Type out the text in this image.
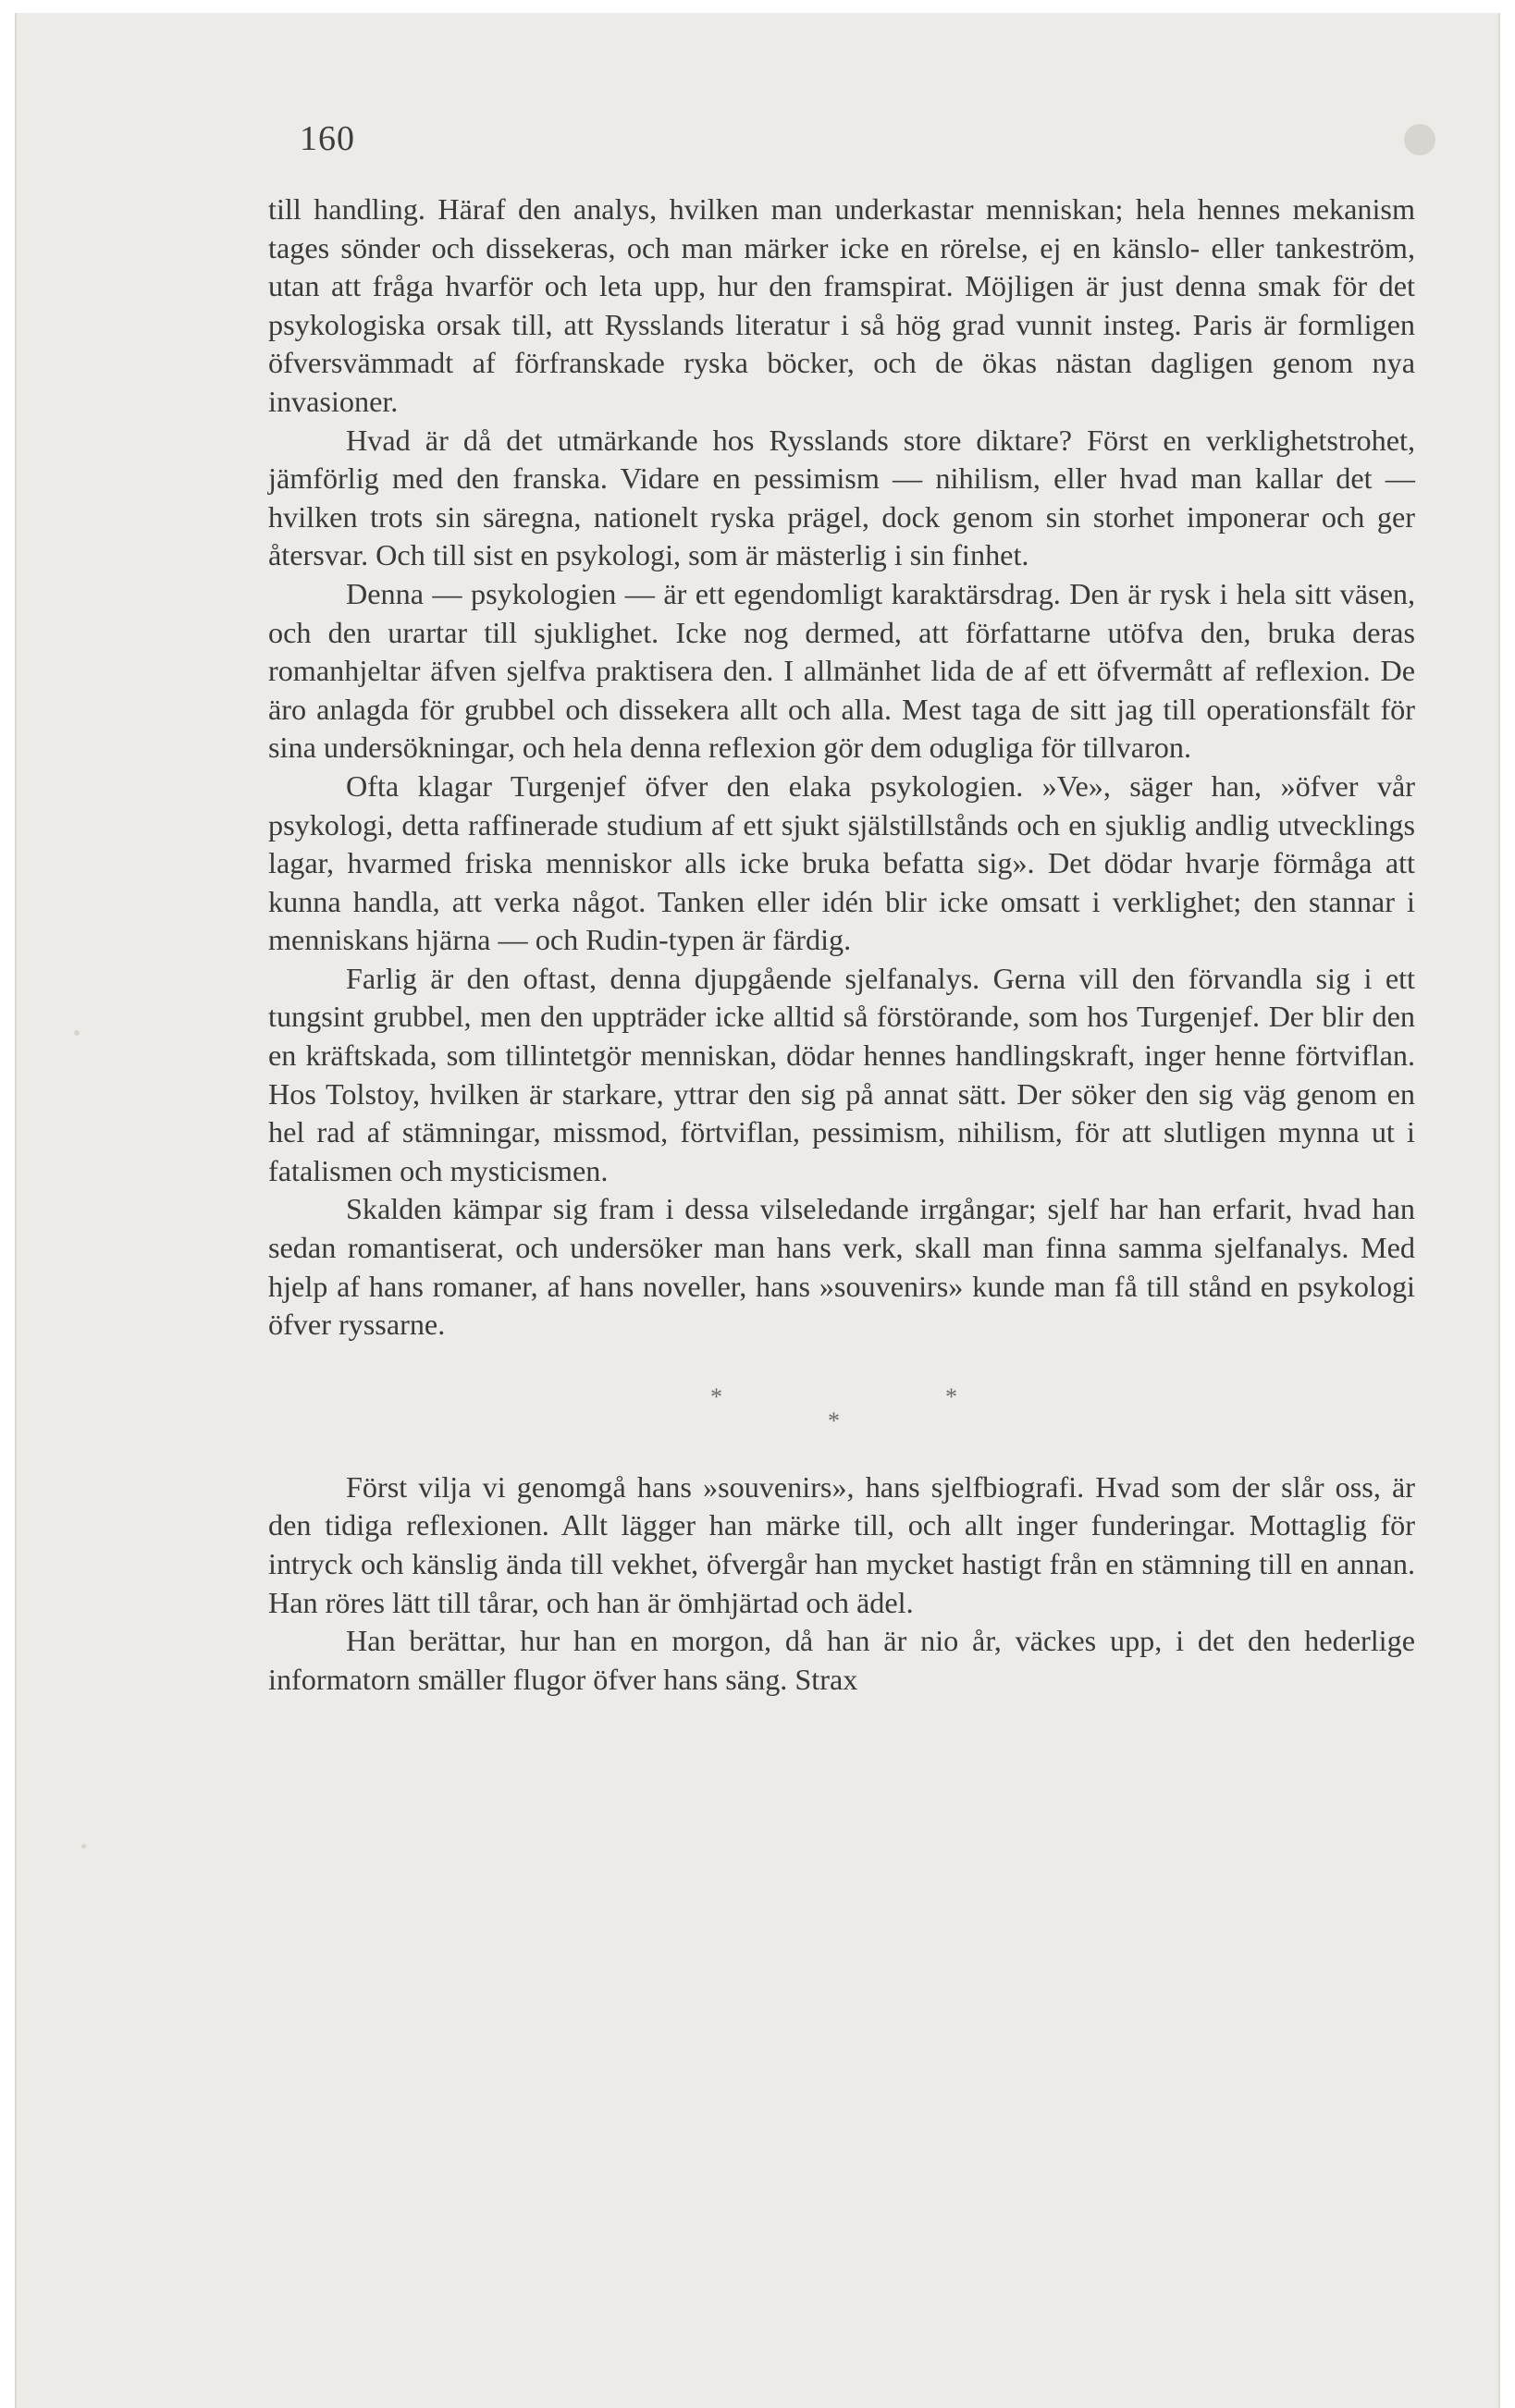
160

till handling. Häraf den analys, hvilken man underkastar menniskan; hela hennes mekanism tages sönder och dissekeras, och man märker icke en rörelse, ej en känslo- eller tankeström, utan att fråga hvarför och leta upp, hur den framspirat. Möjligen är just denna smak för det psykologiska orsak till, att Rysslands literatur i så hög grad vunnit insteg. Paris är formligen öfversvämmadt af förfranskade ryska böcker, och de ökas nästan dagligen genom nya invasioner.

Hvad är då det utmärkande hos Rysslands store diktare? Först en verklighetstrohet, jämförlig med den franska. Vidare en pessimism — nihilism, eller hvad man kallar det — hvilken trots sin säregna, nationelt ryska prägel, dock genom sin storhet imponerar och ger återsvar. Och till sist en psykologi, som är mästerlig i sin finhet.

Denna — psykologien — är ett egendomligt karaktärsdrag. Den är rysk i hela sitt väsen, och den urartar till sjuklighet. Icke nog dermed, att författarne utöfva den, bruka deras romanhjeltar äfven sjelfva praktisera den. I allmänhet lida de af ett öfvermått af reflexion. De äro anlagda för grubbel och dissekera allt och alla. Mest taga de sitt jag till operationsfält för sina undersökningar, och hela denna reflexion gör dem odugliga för tillvaron.

Ofta klagar Turgenjef öfver den elaka psykologien. »Ve», säger han, »öfver vår psykologi, detta raffinerade studium af ett sjukt själstillstånds och en sjuklig andlig utvecklings lagar, hvarmed friska menniskor alls icke bruka befatta sig». Det dödar hvarje förmåga att kunna handla, att verka något. Tanken eller idén blir icke omsatt i verklighet; den stannar i menniskans hjärna — och Rudin-typen är färdig.

Farlig är den oftast, denna djupgående sjelfanalys. Gerna vill den förvandla sig i ett tungsint grubbel, men den uppträder icke alltid så förstörande, som hos Turgenjef. Der blir den en kräftskada, som tillintetgör menniskan, dödar hennes handlingskraft, inger henne förtviflan. Hos Tolstoy, hvilken är starkare, yttrar den sig på annat sätt. Der söker den sig väg genom en hel rad af stämningar, missmod, förtviflan, pessimism, nihilism, för att slutligen mynna ut i fatalismen och mysticismen.

Skalden kämpar sig fram i dessa vilseledande irrgångar; sjelf har han erfarit, hvad han sedan romantiserat, och undersöker man hans verk, skall man finna samma sjelfanalys. Med hjelp af hans romaner, af hans noveller, hans »souvenirs» kunde man få till stånd en psykologi öfver ryssarne.

*
*
*

Först vilja vi genomgå hans »souvenirs», hans sjelfbiografi. Hvad som der slår oss, är den tidiga reflexionen. Allt lägger han märke till, och allt inger funderingar. Mottaglig för intryck och känslig ända till vekhet, öfvergår han mycket hastigt från en stämning till en annan. Han röres lätt till tårar, och han är ömhjärtad och ädel.

Han berättar, hur han en morgon, då han är nio år, väckes upp, i det den hederlige informatorn smäller flugor öfver hans säng. Strax
